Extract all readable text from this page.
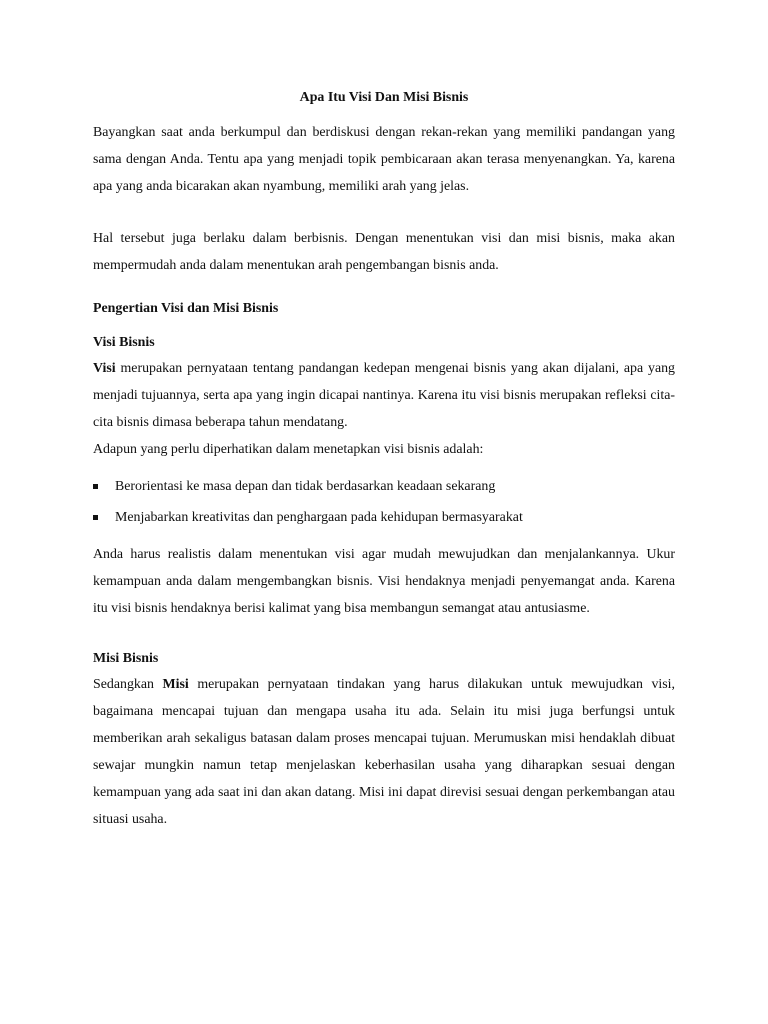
Apa Itu Visi Dan Misi Bisnis

Bayangkan saat anda berkumpul dan berdiskusi dengan rekan-rekan yang memiliki pandangan yang sama dengan Anda. Tentu apa yang menjadi topik pembicaraan akan terasa menyenangkan. Ya, karena apa yang anda bicarakan akan nyambung, memiliki arah yang jelas.

Hal tersebut juga berlaku dalam berbisnis. Dengan menentukan visi dan misi bisnis, maka akan mempermudah anda dalam menentukan arah pengembangan bisnis anda.

Pengertian Visi dan Misi Bisnis
Visi Bisnis

Visi merupakan pernyataan tentang pandangan kedepan mengenai bisnis yang akan dijalani, apa yang menjadi tujuannya, serta apa yang ingin dicapai nantinya. Karena itu visi bisnis merupakan refleksi cita-cita bisnis dimasa beberapa tahun mendatang.

Adapun yang perlu diperhatikan dalam menetapkan visi bisnis adalah:

Berorientasi ke masa depan dan tidak berdasarkan keadaan sekarang
Menjabarkan kreativitas dan penghargaan pada kehidupan bermasyarakat

Anda harus realistis dalam menentukan visi agar mudah mewujudkan dan menjalankannya. Ukur kemampuan anda dalam mengembangkan bisnis. Visi hendaknya menjadi penyemangat anda. Karena itu visi bisnis hendaknya berisi kalimat yang bisa membangun semangat atau antusiasme.

Misi Bisnis

Sedangkan Misi merupakan pernyataan tindakan yang harus dilakukan untuk mewujudkan visi, bagaimana mencapai tujuan dan mengapa usaha itu ada. Selain itu misi juga berfungsi untuk memberikan arah sekaligus batasan dalam proses mencapai tujuan. Merumuskan misi hendaklah dibuat sewajar mungkin namun tetap menjelaskan keberhasilan usaha yang diharapkan sesuai dengan kemampuan yang ada saat ini dan akan datang. Misi ini dapat direvisi sesuai dengan perkembangan atau situasi usaha.
